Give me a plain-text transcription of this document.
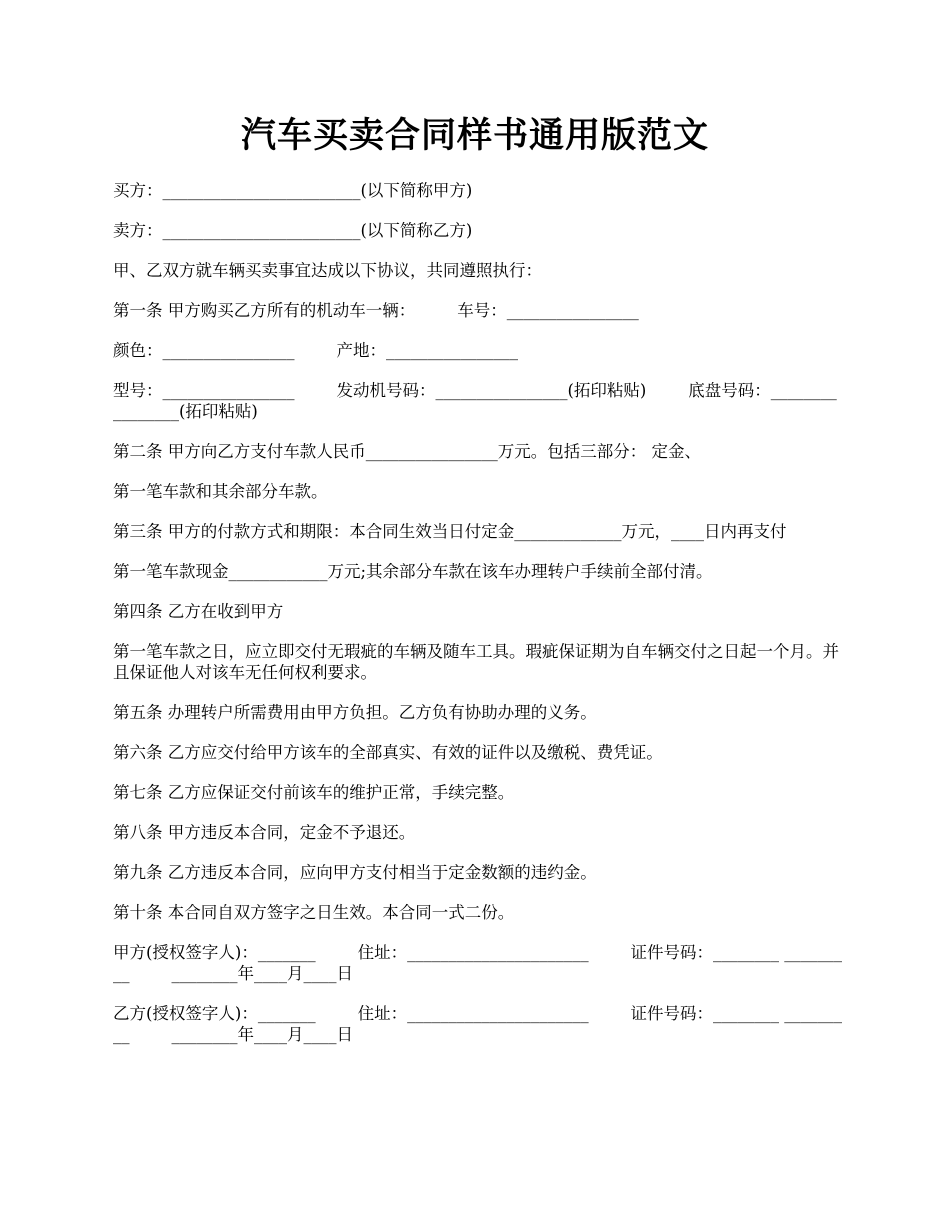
汽车买卖合同样书通用版范文

买方：________________________(以下简称甲方)

卖方：________________________(以下简称乙方)

甲、乙双方就车辆买卖事宜达成以下协议，共同遵照执行：

第一条 甲方购买乙方所有的机动车一辆：        车号：________________

颜色：________________        产地：________________

型号：________________        发动机号码：________________(拓印粘贴)        底盘号码：________________(拓印粘贴)

第二条 甲方向乙方支付车款人民币________________万元。包括三部分： 定金、

第一笔车款和其余部分车款。

第三条 甲方的付款方式和期限：本合同生效当日付定金_____________万元，____日内再支付

第一笔车款现金____________万元;其余部分车款在该车办理转户手续前全部付清。

第四条 乙方在收到甲方

第一笔车款之日，应立即交付无瑕疵的车辆及随车工具。瑕疵保证期为自车辆交付之日起一个月。并且保证他人对该车无任何权利要求。

第五条 办理转户所需费用由甲方负担。乙方负有协助办理的义务。

第六条 乙方应交付给甲方该车的全部真实、有效的证件以及缴税、费凭证。

第七条 乙方应保证交付前该车的维护正常，手续完整。

第八条 甲方违反本合同，定金不予退还。

第九条 乙方违反本合同，应向甲方支付相当于定金数额的违约金。

第十条 本合同自双方签字之日生效。本合同一式二份。

甲方(授权签字人)：_______        住址：______________________        证件号码：________ _________        ________年____月____日

乙方(授权签字人)：_______        住址：______________________        证件号码：________ _________        ________年____月____日
